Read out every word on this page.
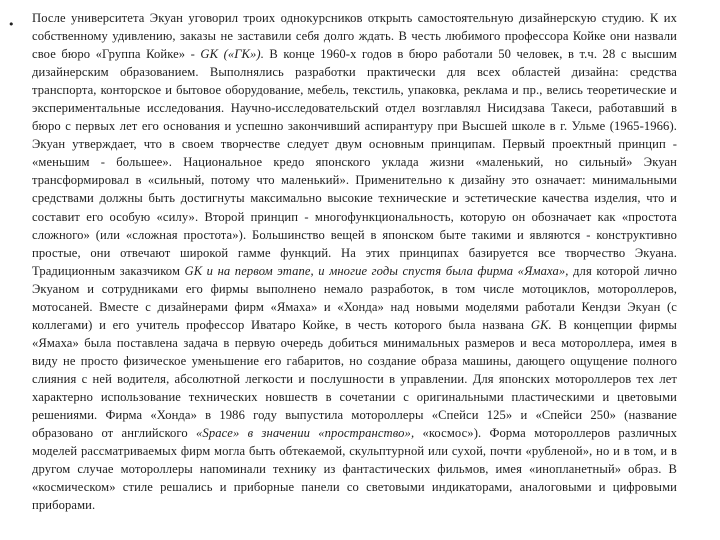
• После университета Экуан уговорил троих однокурсников открыть самостоятельную дизайнерскую студию. К их собственному удивлению, заказы не заставили себя долго ждать. В честь любимого профессора Койке они назвали свое бюро «Группа Койке» - GK («ГК»). В конце 1960-х годов в бюро работали 50 человек, в т.ч. 28 с высшим дизайнерским образованием. Выполнялись разработки практически для всех областей дизайна: средства транспорта, конторское и бытовое оборудование, мебель, текстиль, упаковка, реклама и пр., велись теоретические и экспериментальные исследования. Научно-исследовательский отдел возглавлял Нисидзава Такеси, работавший в бюро с первых лет его основания и успешно закончивший аспирантуру при Высшей школе в г. Ульме (1965-1966). Экуан утверждает, что в своем творчестве следует двум основным принципам. Первый проектный принцип - «меньшим - большее». Национальное кредо японского уклада жизни «маленький, но сильный» Экуан трансформировал в «сильный, потому что маленький». Применительно к дизайну это означает: минимальными средствами должны быть достигнуты максимально высокие технические и эстетические качества изделия, что и составит его особую «силу». Второй принцип - многофункциональность, которую он обозначает как «простота сложного» (или «сложная простота»). Большинство вещей в японском быте такими и являются - конструктивно простые, они отвечают широкой гамме функций. На этих принципах базируется все творчество Экуана. Традиционным заказчиком GK и на первом этапе, и многие годы спустя была фирма «Ямаха», для которой лично Экуаном и сотрудниками его фирмы выполнено немало разработок, в том числе мотоциклов, мотороллеров, мотосаней. Вместе с дизайнерами фирм «Ямаха» и «Хонда» над новыми моделями работали Кендзи Экуан (с коллегами) и его учитель профессор Иватаро Койке, в честь которого была названа GK. В концепции фирмы «Ямаха» была поставлена задача в первую очередь добиться минимальных размеров и веса мотороллера, имея в виду не просто физическое уменьшение его габаритов, но создание образа машины, дающего ощущение полного слияния с ней водителя, абсолютной легкости и послушности в управлении. Для японских мотороллеров тех лет характерно использование технических новшеств в сочетании с оригинальными пластическими и цветовыми решениями. Фирма «Хонда» в 1986 году выпустила мотороллеры «Спейси 125» и «Спейси 250» (название образовано от английского «Space» в значении «пространство», «космос»). Форма мотороллеров различных моделей рассматриваемых фирм могла быть обтекаемой, скульптурной или сухой, почти «рубленой», но и в том, и в другом случае мотороллеры напоминали технику из фантастических фильмов, имея «инопланетный» образ. В «космическом» стиле решались и приборные панели со световыми индикаторами, аналоговыми и цифровыми приборами.
